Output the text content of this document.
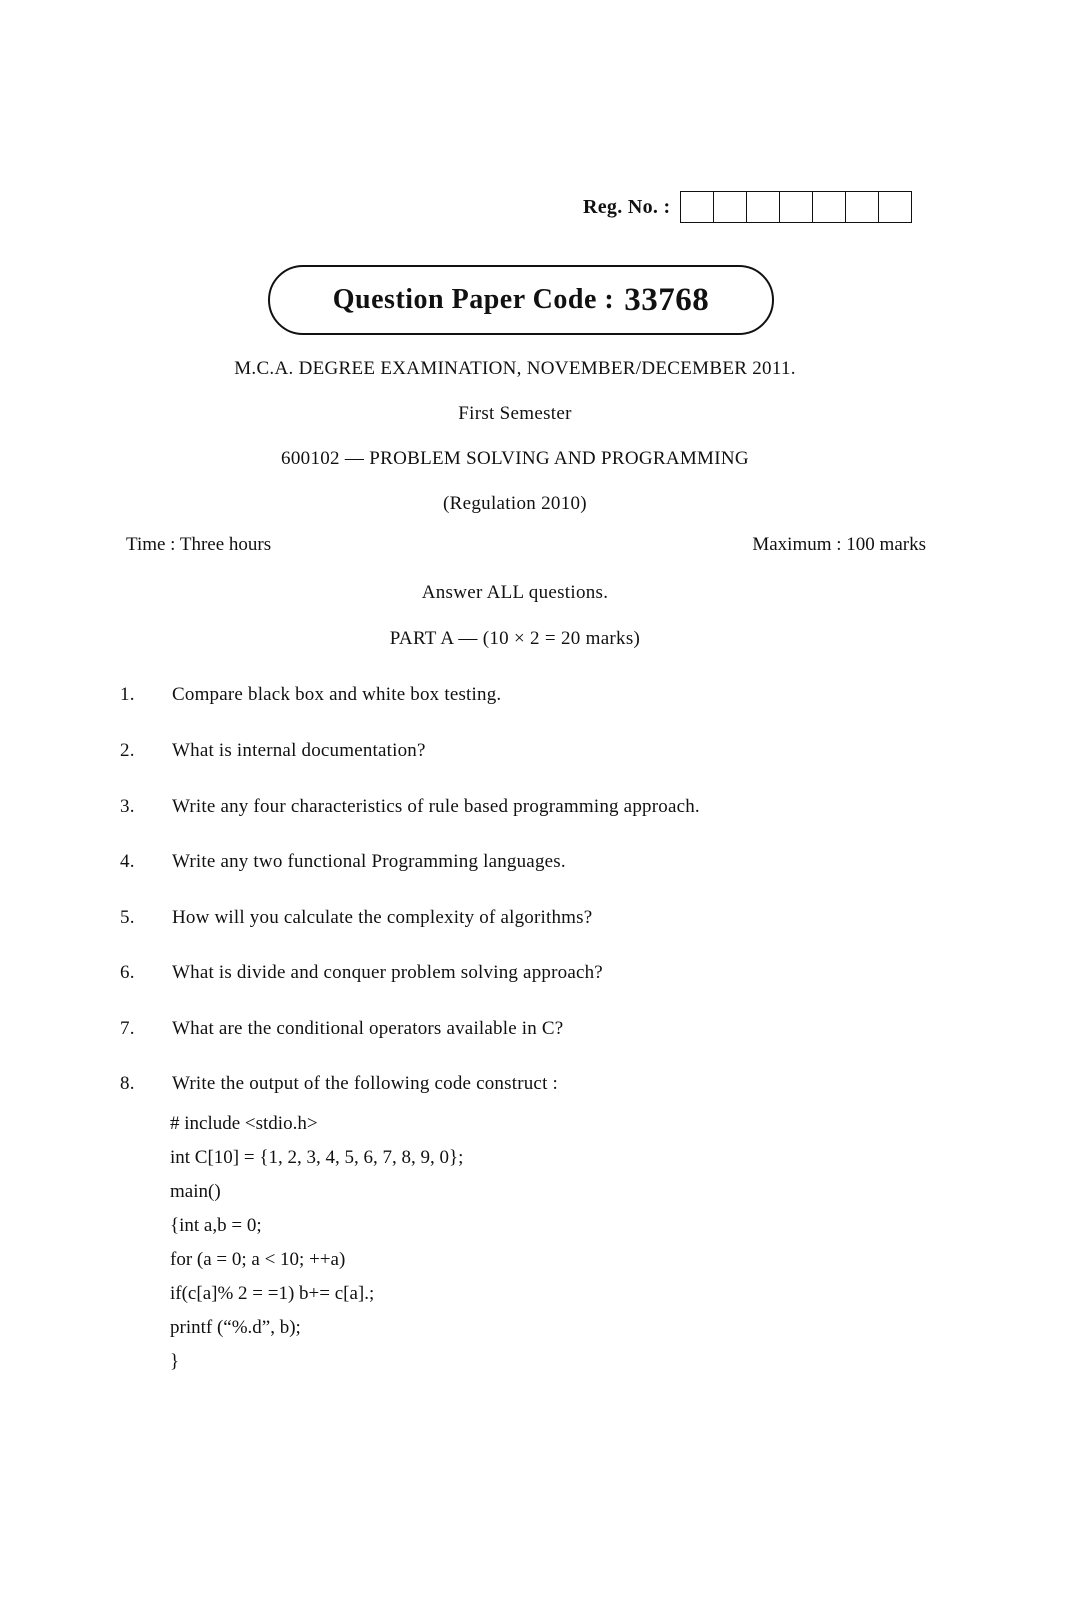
Reg. No. :
Question Paper Code : 33768
M.C.A. DEGREE EXAMINATION, NOVEMBER/DECEMBER 2011.
First Semester
600102 — PROBLEM SOLVING AND PROGRAMMING
(Regulation 2010)
Time : Three hours	Maximum : 100 marks
Answer ALL questions.
PART A — (10 × 2 = 20 marks)
1.	Compare black box and white box testing.
2.	What is internal documentation?
3.	Write any four characteristics of rule based programming approach.
4.	Write any two functional Programming languages.
5.	How will you calculate the complexity of algorithms?
6.	What is divide and conquer problem solving approach?
7.	What are the conditional operators available in C?
8.	Write the output of the following code construct :
# include <stdio.h>
int C[10] = {1, 2, 3, 4, 5, 6, 7, 8, 9, 0};
main()
{int a,b = 0;
for (a = 0; a < 10; ++a)
if(c[a]% 2 = =1) b+= c[a].;
printf (“%.d”, b);
}
